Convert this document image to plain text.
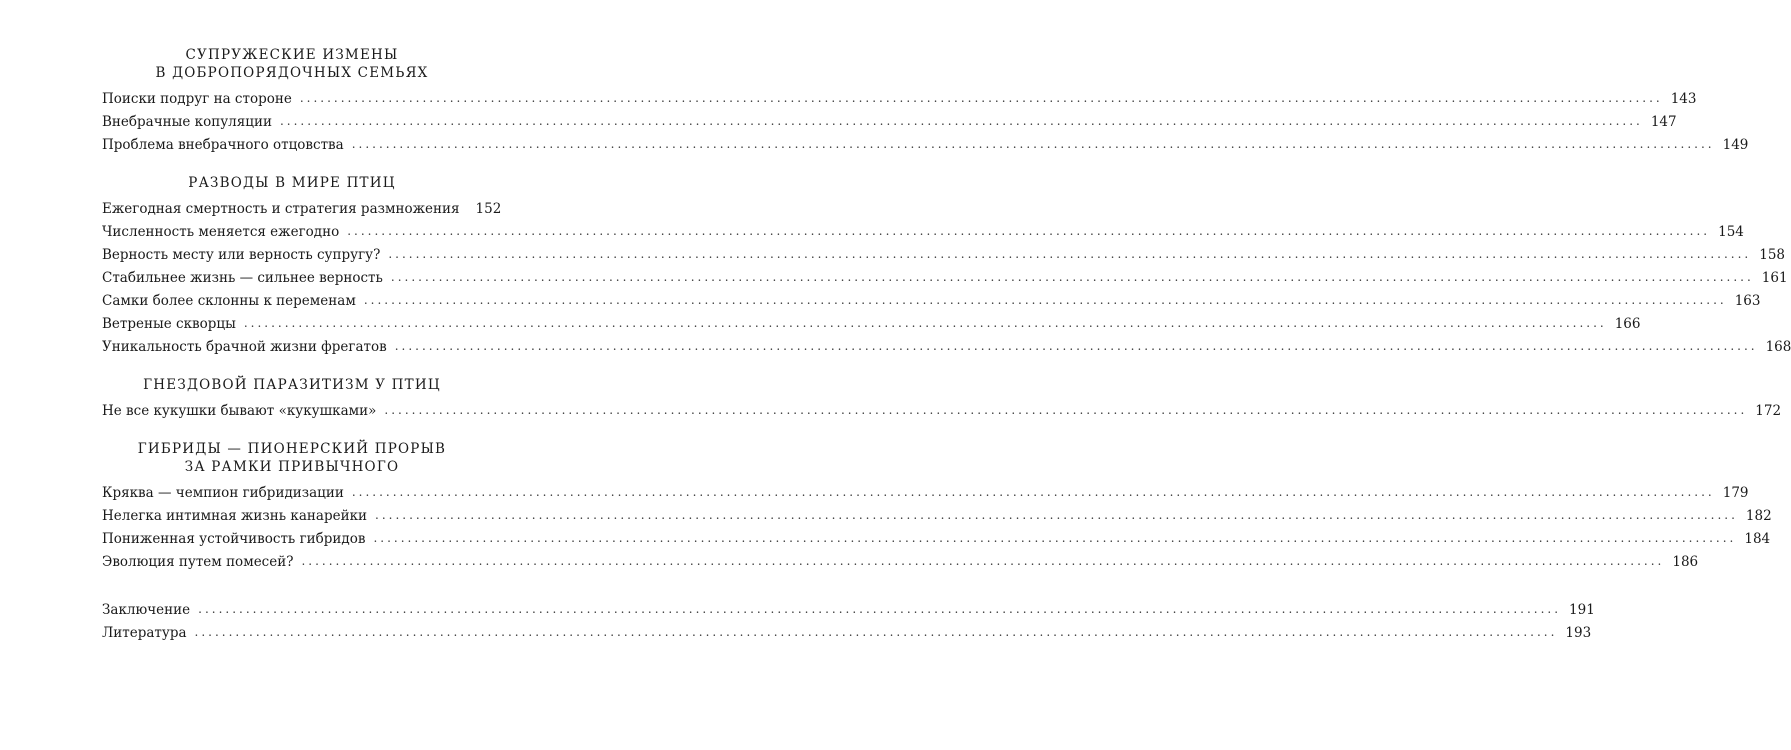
СУПРУЖЕСКИЕ ИЗМЕНЫ
В ДОБРОПОРЯДОЧНЫХ СЕМЬЯХ
Поиски подруг на стороне ........................................................................................................................................................................................................ 143
Внебрачные копуляции ........................................................................................................................................................................................................ 147
Проблема внебрачного отцовства ........................................................................................................................................................................................................ 149
РАЗВОДЫ В МИРЕ ПТИЦ
Ежегодная смертность и стратегия размножения 152
Численность меняется ежегодно ........................................................................................................................................................................................................ 154
Верность месту или верность супругу? ........................................................................................................................................................................................................ 158
Стабильнее жизнь — сильнее верность ........................................................................................................................................................................................................ 161
Самки более склонны к переменам ........................................................................................................................................................................................................ 163
Ветреные скворцы ........................................................................................................................................................................................................ 166
Уникальность брачной жизни фрегатов ........................................................................................................................................................................................................ 168
ГНЕЗДОВОЙ ПАРАЗИТИЗМ У ПТИЦ
Не все кукушки бывают «кукушками» ........................................................................................................................................................................................................ 172
ГИБРИДЫ — ПИОНЕРСКИЙ ПРОРЫВ
ЗА РАМКИ ПРИВЫЧНОГО
Кряква — чемпион гибридизации ........................................................................................................................................................................................................ 179
Нелегка интимная жизнь канарейки ........................................................................................................................................................................................................ 182
Пониженная устойчивость гибридов ........................................................................................................................................................................................................ 184
Эволюция путем помесей? ........................................................................................................................................................................................................ 186
Заключение ........................................................................................................................................................................................................ 191
Литература ........................................................................................................................................................................................................ 193
